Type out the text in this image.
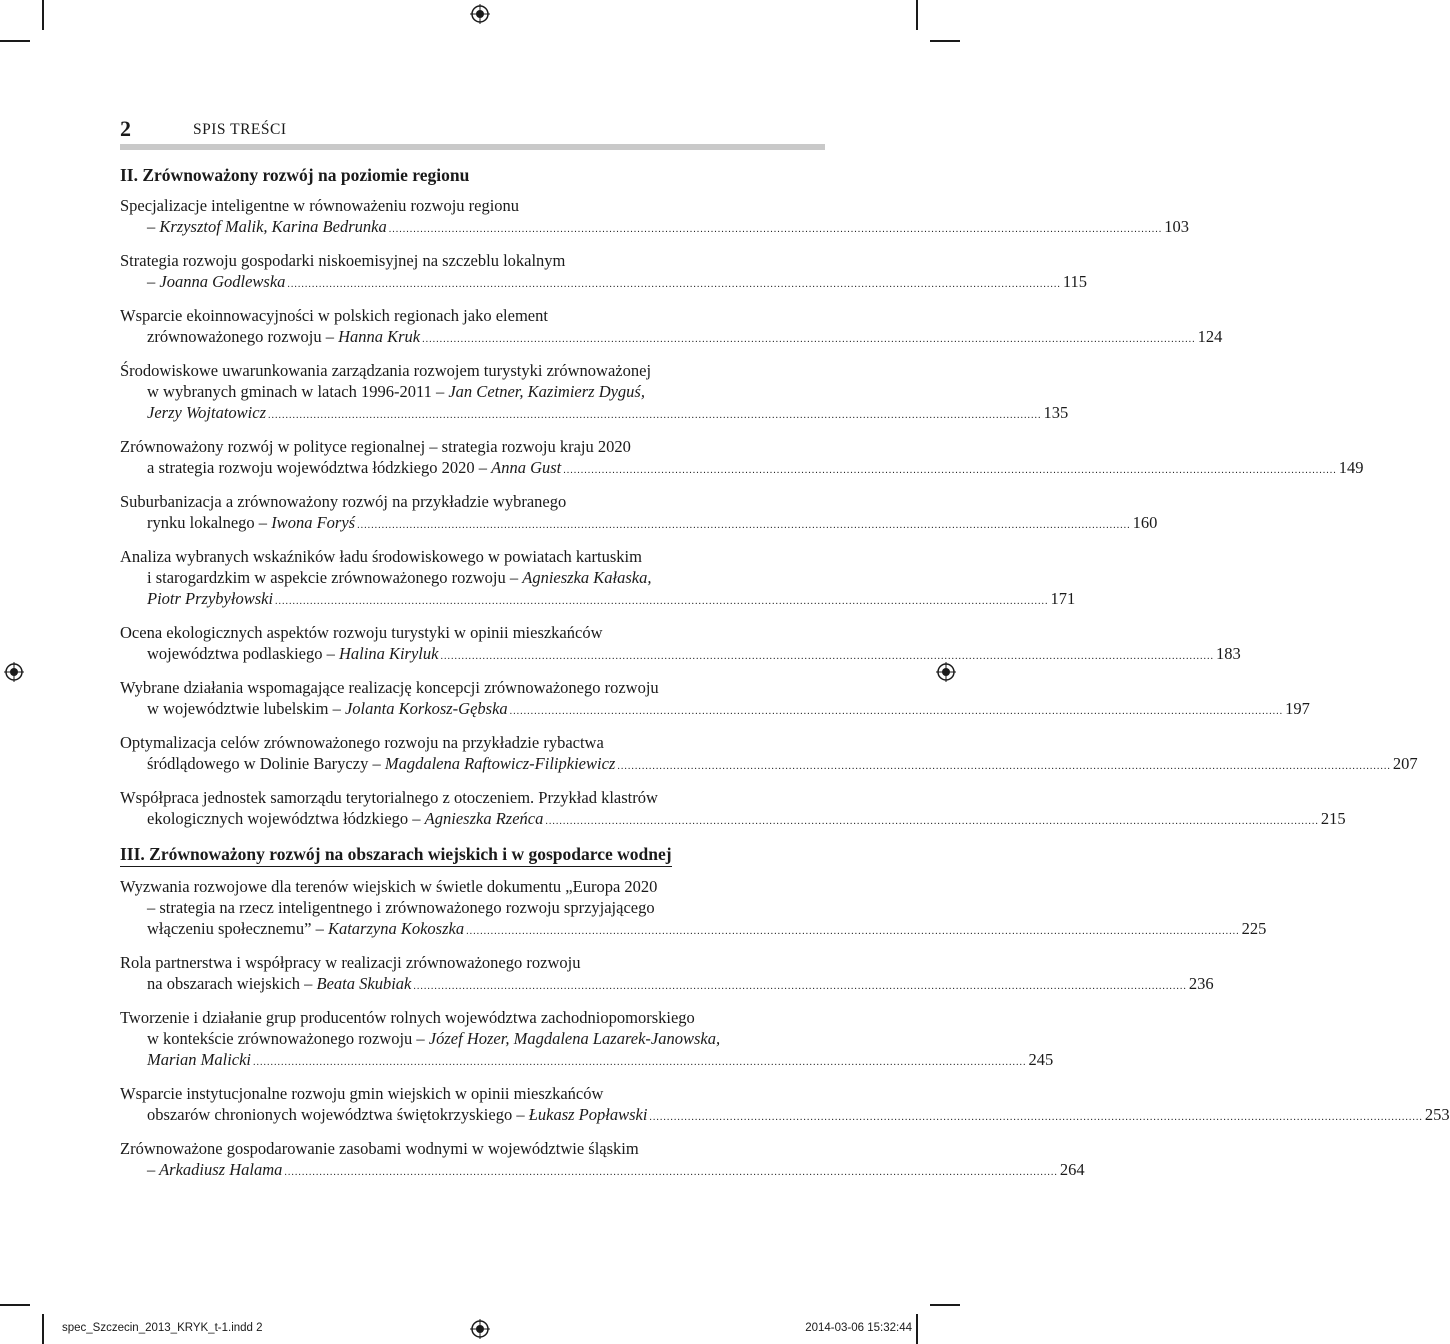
2	SPIS TREŚCI
II. Zrównoważony rozwój na poziomie regionu
Specjalizacje inteligentne w równoważeniu rozwoju regionu
– Krzysztof Malik, Karina Bedrunka ............................................................................................................................................................................................................................. 103
Strategia rozwoju gospodarki niskoemisyjnej na szczeblu lokalnym
– Joanna Godlewska ............................................................................................................................................................................................................................. 115
Wsparcie ekoinnowacyjności w polskich regionach jako element
zrównoważonego rozwoju – Hanna Kruk ............................................................................................................................................................................................................................. 124
Środowiskowe uwarunkowania zarządzania rozwojem turystyki zrównoważonej
w wybranych gminach w latach 1996-2011 – Jan Cetner, Kazimierz Dyguś,
Jerzy Wojtatowicz ............................................................................................................................................................................................................................. 135
Zrównoważony rozwój w polityce regionalnej – strategia rozwoju kraju 2020
a strategia rozwoju województwa łódzkiego 2020 – Anna Gust ............................................................................................................................................................................................................................. 149
Suburbanizacja a zrównoważony rozwój na przykładzie wybranego
rynku lokalnego – Iwona Foryś ............................................................................................................................................................................................................................. 160
Analiza wybranych wskaźników ładu środowiskowego w powiatach kartuskim
i starogardzkim w aspekcie zrównoważonego rozwoju – Agnieszka Kałaska,
Piotr Przybyłowski ............................................................................................................................................................................................................................. 171
Ocena ekologicznych aspektów rozwoju turystyki w opinii mieszkańców
województwa podlaskiego – Halina Kiryluk ............................................................................................................................................................................................................................. 183
Wybrane działania wspomagające realizację koncepcji zrównoważonego rozwoju
w województwie lubelskim – Jolanta Korkosz-Gębska ............................................................................................................................................................................................................................. 197
Optymalizacja celów zrównoważonego rozwoju na przykładzie rybactwa
śródlądowego w Dolinie Baryczy – Magdalena Raftowicz-Filipkiewicz ............................................................................................................................................................................................................................. 207
Współpraca jednostek samorządu terytorialnego z otoczeniem. Przykład klastrów
ekologicznych województwa łódzkiego – Agnieszka Rzeńca ............................................................................................................................................................................................................................. 215
III. Zrównoważony rozwój na obszarach wiejskich i w gospodarce wodnej
Wyzwania rozwojowe dla terenów wiejskich w świetle dokumentu „Europa 2020
– strategia na rzecz inteligentnego i zrównoważonego rozwoju sprzyjającego
włączeniu społecznemu” – Katarzyna Kokoszka ............................................................................................................................................................................................................................. 225
Rola partnerstwa i współpracy w realizacji zrównoważonego rozwoju
na obszarach wiejskich – Beata Skubiak ............................................................................................................................................................................................................................. 236
Tworzenie i działanie grup producentów rolnych województwa zachodniopomorskiego
w kontekście zrównoważonego rozwoju – Józef Hozer, Magdalena Lazarek-Janowska,
Marian Malicki ............................................................................................................................................................................................................................. 245
Wsparcie instytucjonalne rozwoju gmin wiejskich w opinii mieszkańców
obszarów chronionych województwa świętokrzyskiego – Łukasz Popławski ............................................................................................................................................................................................................................. 253
Zrównoważone gospodarowanie zasobami wodnymi w województwie śląskim
– Arkadiusz Halama ............................................................................................................................................................................................................................. 264
spec_Szczecin_2013_KRYK_t-1.indd 2	2014-03-06 15:32:44
